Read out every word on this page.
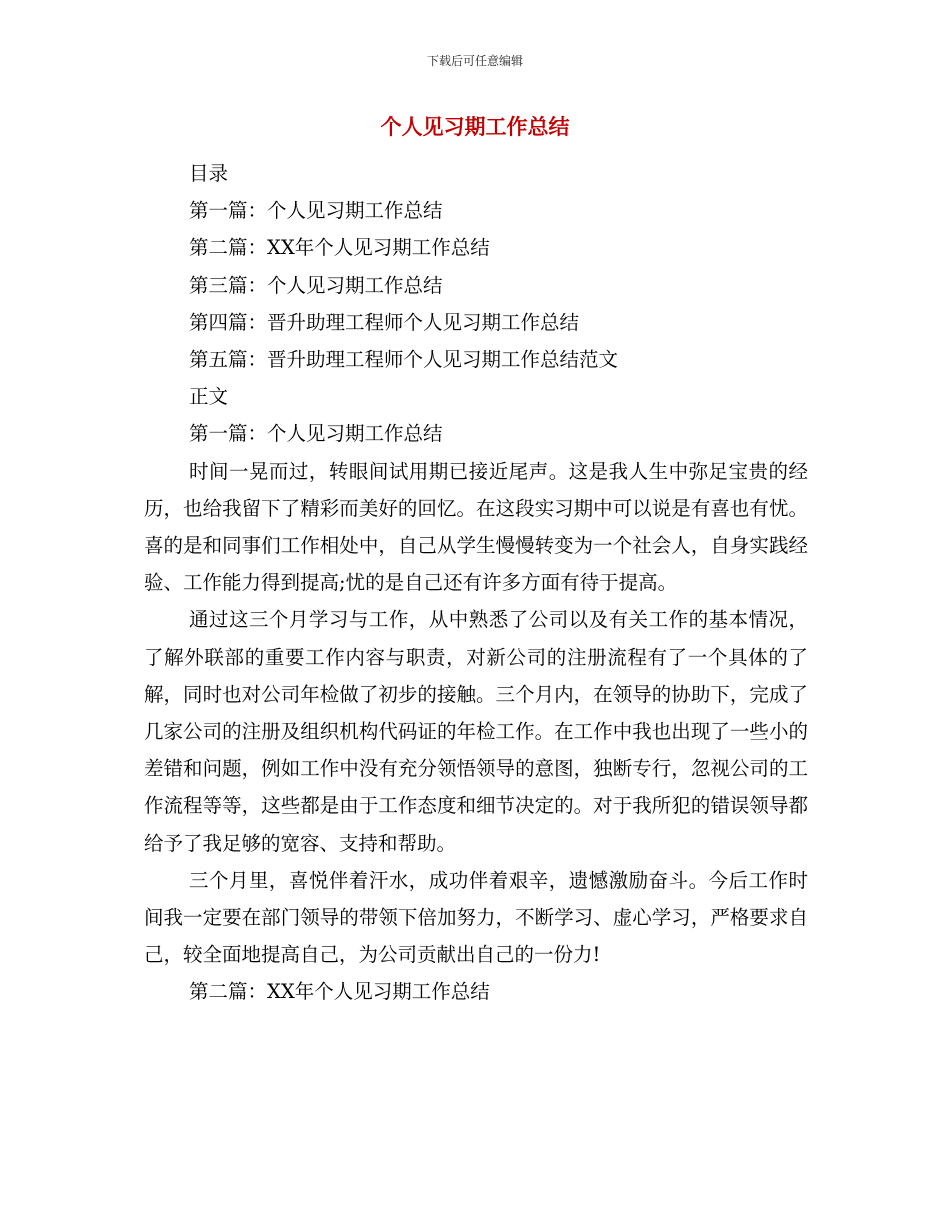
下载后可任意编辑
个人见习期工作总结

目录

第一篇：个人见习期工作总结

第二篇：XX年个人见习期工作总结

第三篇：个人见习期工作总结

第四篇：晋升助理工程师个人见习期工作总结

第五篇：晋升助理工程师个人见习期工作总结范文

正文

第一篇：个人见习期工作总结

时间一晃而过，转眼间试用期已接近尾声。这是我人生中弥足宝贵的经历，也给我留下了精彩而美好的回忆。在这段实习期中可以说是有喜也有忧。喜的是和同事们工作相处中，自己从学生慢慢转变为一个社会人，自身实践经验、工作能力得到提高;忧的是自己还有许多方面有待于提高。

通过这三个月学习与工作，从中熟悉了公司以及有关工作的基本情况，了解外联部的重要工作内容与职责，对新公司的注册流程有了一个具体的了解，同时也对公司年检做了初步的接触。三个月内，在领导的协助下，完成了几家公司的注册及组织机构代码证的年检工作。在工作中我也出现了一些小的差错和问题，例如工作中没有充分领悟领导的意图，独断专行，忽视公司的工作流程等等，这些都是由于工作态度和细节决定的。对于我所犯的错误领导都给予了我足够的宽容、支持和帮助。

三个月里，喜悦伴着汗水，成功伴着艰辛，遗憾激励奋斗。今后工作时间我一定要在部门领导的带领下倍加努力，不断学习、虚心学习，严格要求自己，较全面地提高自己，为公司贡献出自己的一份力!

第二篇：XX年个人见习期工作总结
